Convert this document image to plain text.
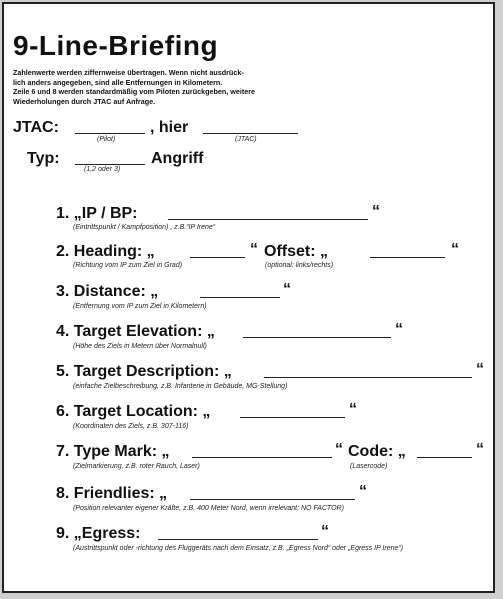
9-Line-Briefing
Zahlenwerte werden ziffernweise übertragen. Wenn nicht ausdrück-
lich anders angegeben, sind alle Entfernungen in Kilometern.
Zeile 6 und 8 werden standardmäßig vom Piloten zurückgeben, weitere
Wiederholungen durch JTAC auf Anfrage.
JTAC:	, hier
(Pilot)	(JTAC)
Typ:	Angriff
(1,2 oder 3)
1. „IP / BP:	“
(Eintrittspunkt / Kampfposition) , z.B.“IP Irene“
2. Heading: „	“ Offset: „	“
(Richtung vom IP zum Ziel in Grad)	(optional: links/rechts)
3. Distance: „	“
(Entfernung vom IP zum Ziel in Kilometern)
4. Target Elevation: „	“
(Höhe des Ziels in Metern über Normalnull)
5. Target Description: „	“
(einfache Zielbeschreibung, z.B. Infanterie in Gebäude, MG-Stellung)
6. Target Location: „	“
(Koordinaten des Ziels, z.B. 307-116)
7. Type Mark: „	“ Code: „	“
(Zielmarkierung, z.B. roter Rauch, Laser)	(Lasercode)
8. Friendlies: „	“
(Position relevanter eigener Kräfte, z.B. 400 Meter Nord, wenn irrelevant: NO FACTOR)
9. „Egress:	“
(Austrittspunkt oder -richtung des Fluggeräts nach dem Einsatz, z.B. „Egress Nord“ oder „Egress IP Irene“)
